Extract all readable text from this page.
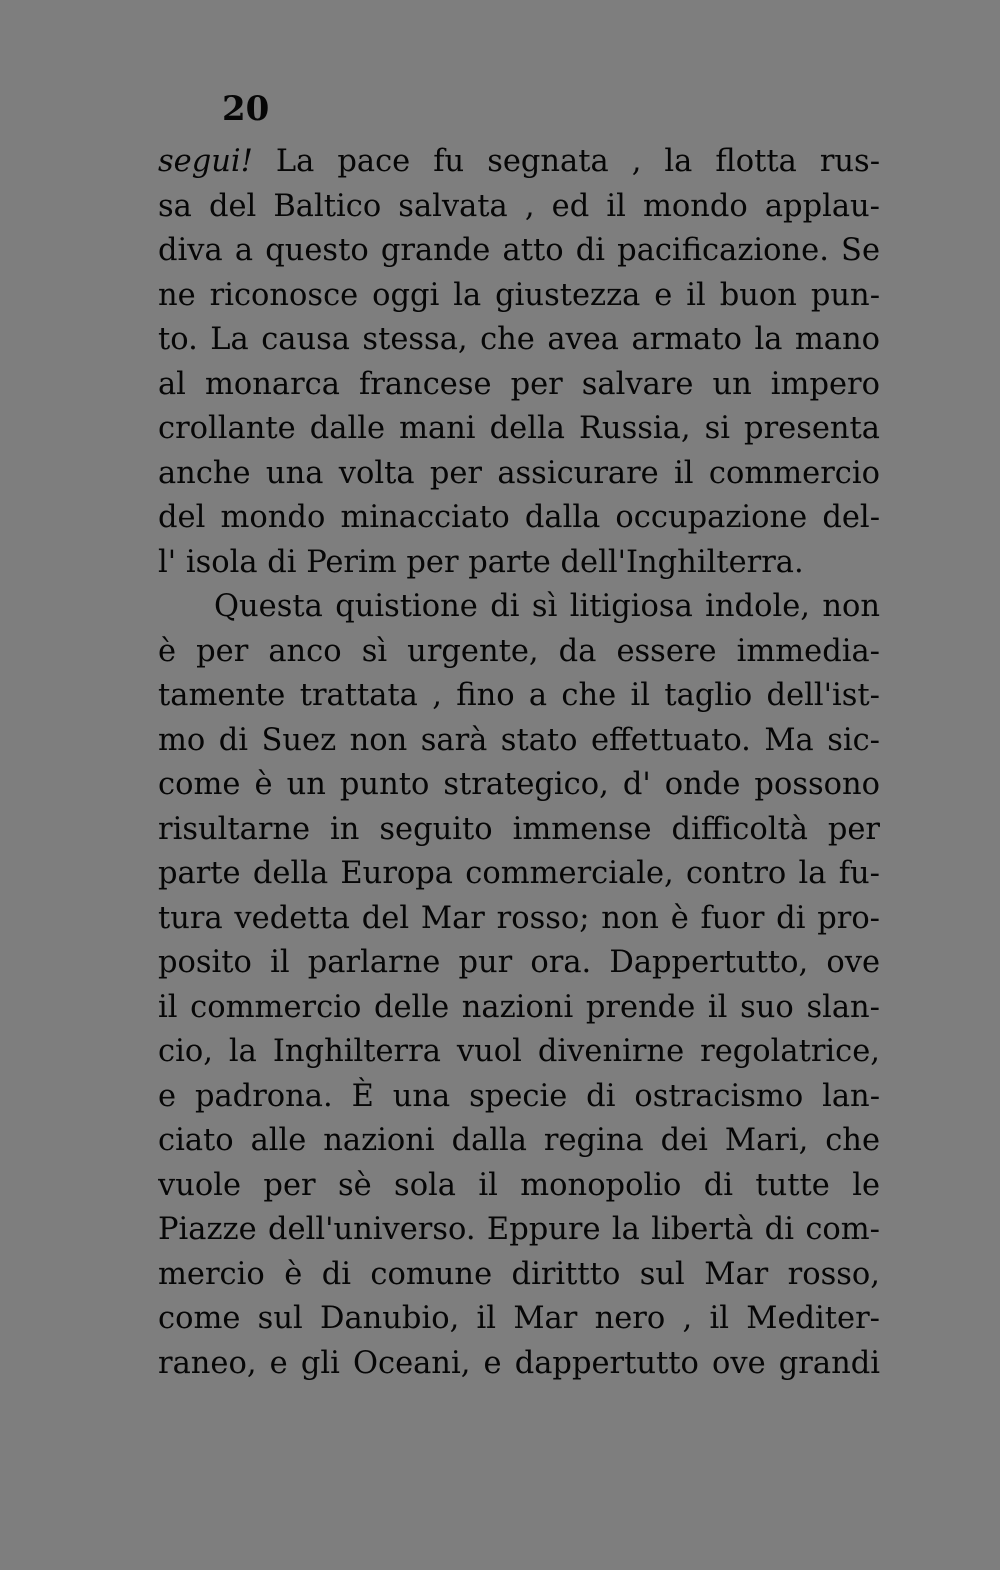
20
segui! La pace fu segnata , la flotta rus-
sa del Baltico salvata , ed il mondo applau-
diva a questo grande atto di pacificazione. Se
ne riconosce oggi la giustezza e il buon pun-
to. La causa stessa, che avea armato la mano
al monarca francese per salvare un impero
crollante dalle mani della Russia, si presenta
anche una volta per assicurare il commercio
del mondo minacciato dalla occupazione del-
l' isola di Perim per parte dell'Inghilterra.
Questa quistione di sì litigiosa indole, non
è per anco sì urgente, da essere immedia-
tamente trattata , fino a che il taglio dell'ist-
mo di Suez non sarà stato effettuato. Ma sic-
come è un punto strategico, d' onde possono
risultarne in seguito immense difficoltà per
parte della Europa commerciale, contro la fu-
tura vedetta del Mar rosso; non è fuor di pro-
posito il parlarne pur ora. Dappertutto, ove
il commercio delle nazioni prende il suo slan-
cio, la Inghilterra vuol divenirne regolatrice,
e padrona. È una specie di ostracismo lan-
ciato alle nazioni dalla regina dei Mari, che
vuole per sè sola il monopolio di tutte le
Piazze dell'universo. Eppure la libertà di com-
mercio è di comune dirittto sul Mar rosso,
come sul Danubio, il Mar nero , il Mediter-
raneo, e gli Oceani, e dappertutto ove grandi
